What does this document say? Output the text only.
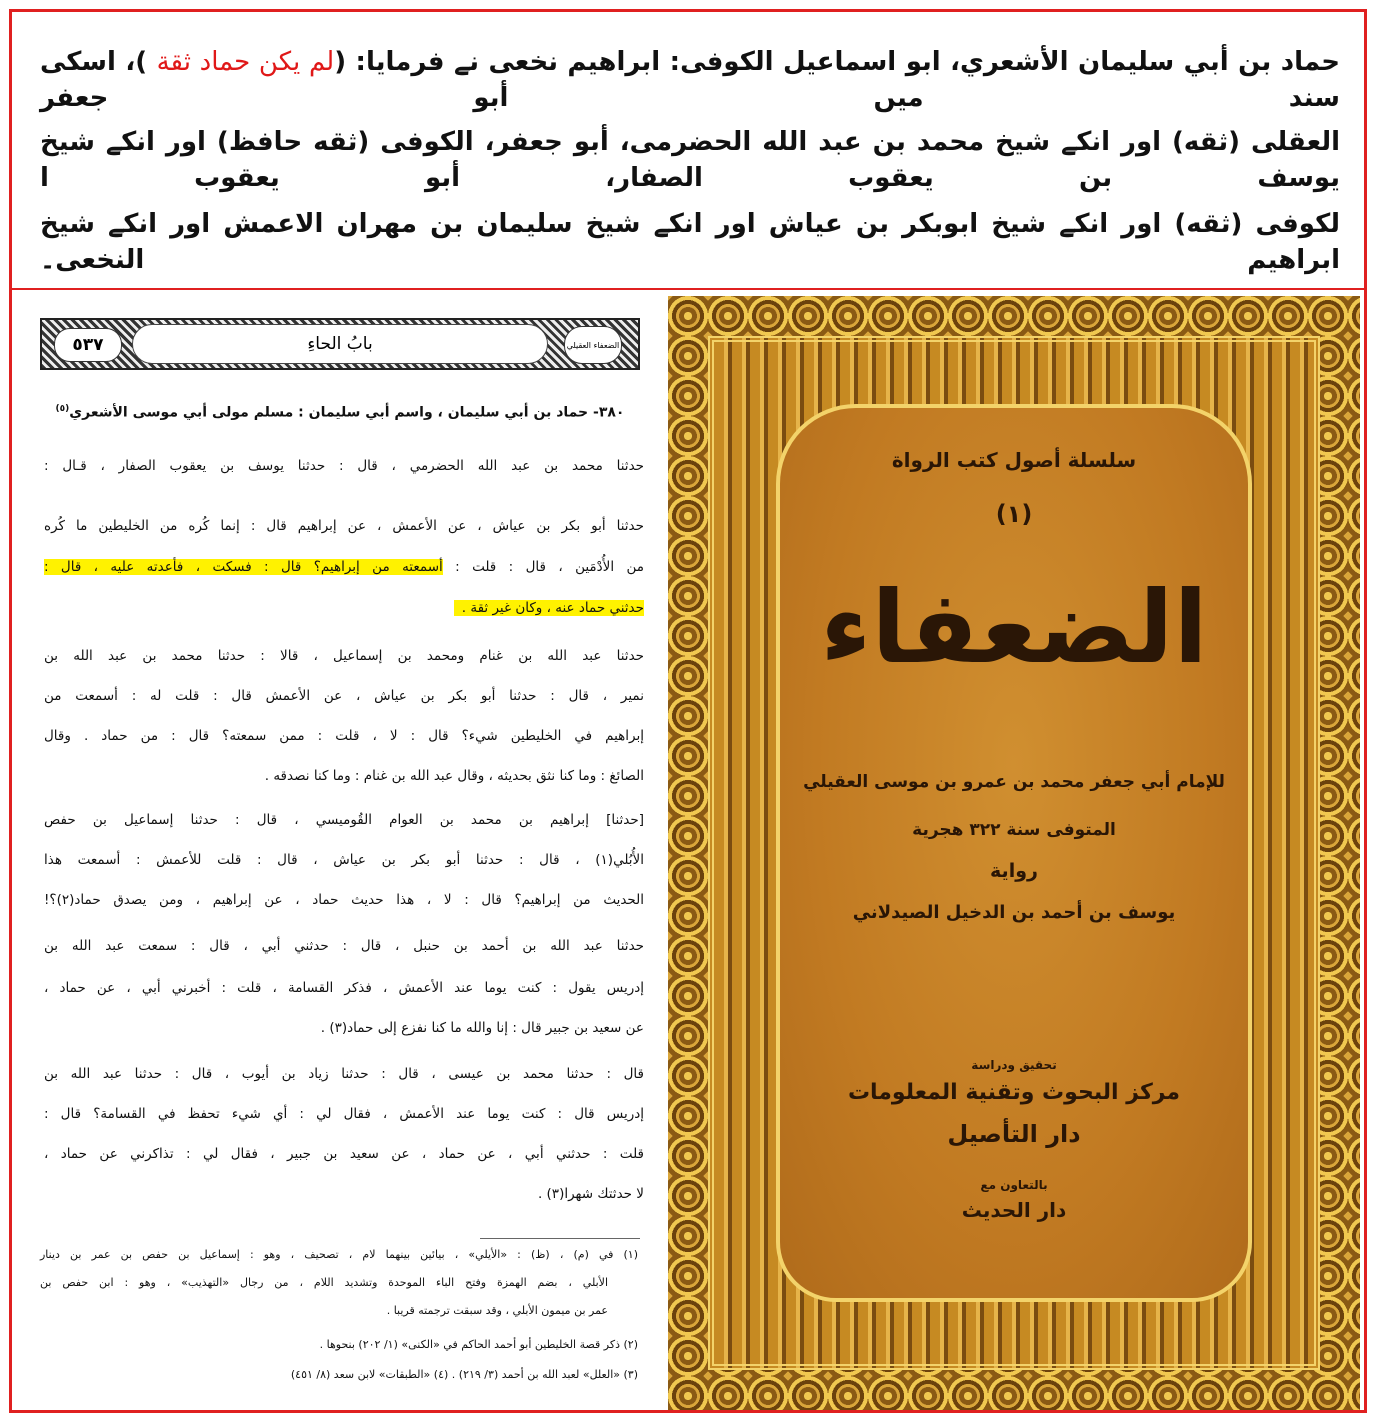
حماد بن أبي سليمان الأشعري، ابو اسماعیل الکوفی: ابراھیم نخعی نے فرمایا: (لم يكن حماد ثقة )، اسکی سند میں أبو جعفر
العقلی (ثقه) اور انکے شیخ محمد بن عبد الله الحضرمی، أبو جعفر، الکوفی (ثقه حافظ) اور انکے شیخ یوسف بن یعقوب الصفار، أبو یعقوب ا
لکوفی (ثقه) اور انکے شیخ ابوبکر بن عیاش اور انکے شیخ سلیمان بن مهران الاعمش اور انکے شیخ ابراھیم النخعی۔
٥٣٧	بابُ الحاءِ	الضعفاء العقيلي
٣٨٠- حماد بن أبي سليمان ، واسم أبي سليمان : مسلم مولى أبي موسى الأشعري$^{(٥)}$
حدثنا محمد بن عبد الله الحضرمي ، قال : حدثنا يوسف بن يعقوب الصفار ، قـال :
حدثنا أبو بكر بن عياش ، عن الأعمش ، عن إبراهيم قال : إنما كُره من الخليطين ما كُره
من الأُدْمَين ، قال : قلت : أسمعته من إبراهيم؟ قال : فسكت ، فأعدته عليه ، قال :
حدثني حماد عنه ، وكان غير ثقة .
حدثنا عبد الله بن غنام ومحمد بن إسماعيل ، قالا : حدثنا محمد بن عبد الله بن
نمير ، قال : حدثنا أبو بكر بن عياش ، عن الأعمش قال : قلت له : أسمعت من
إبراهيم في الخليطين شيء؟ قال : لا ، قلت : ممن سمعته؟ قال : من حماد . وقال
الصائغ : وما كنا نثق بحديثه ، وقال عبد الله بن غنام : وما كنا نصدقه .
[حدثنا] إبراهيم بن محمد بن العوام القُوميسي ، قال : حدثنا إسماعيل بن حفص
الأُبُلي(١) ، قال : حدثنا أبو بكر بن عياش ، قال : قلت للأعمش : أسمعت هذا
الحديث من إبراهيم؟ قال : لا ، هذا حديث حماد ، عن إبراهيم ، ومن يصدق حماد(٢)؟!
حدثنا عبد الله بن أحمد بن حنبل ، قال : حدثني أبي ، قال : سمعت عبد الله بن
إدريس يقول : كنت يوما عند الأعمش ، فذكر القسامة ، قلت : أخبرني أبي ، عن حماد ،
عن سعيد بن جبير قال : إنا والله ما كنا نفزع إلى حماد(٣) .
قال : حدثنا محمد بن عيسى ، قال : حدثنا زياد بن أيوب ، قال : حدثنا عبد الله بن
إدريس قال : كنت يوما عند الأعمش ، فقال لي : أي شيء تحفظ في القسامة؟ قال :
قلت : حدثني أبي ، عن حماد ، عن سعيد بن جبير ، فقال لي : تذاكرني عن حماد ،
لا حدثتك شهرا(٣) .
(١) في (م) ، (ظ) : «الأيلي» ، بيائين بينهما لام ، تصحيف ، وهو : إسماعيل بن حفص بن عمر بن دينار
الأبلي ، بضم الهمزة وفتح الباء الموحدة وتشديد اللام ، من رجال «التهذيب» ، وهو : ابن حفص بن
عمر بن ميمون الأبلي ، وقد سبقت ترجمته قريبا .
(٢) ذكر قصة الخليطين أبو أحمد الحاكم في «الكنى» (١/ ٢٠٢) بنحوها .
(٣) «العلل» لعبد الله بن أحمد (٣/ ٢١٩) . (٤) «الطبقات» لابن سعد (٨/ ٤٥١)
سلسلة أصول كتب الرواة
(١)
الضعفاء
للإمام أبي جعفر محمد بن عمرو بن موسى العقيلي
المتوفى سنة ٣٢٢ هجرية
رواية
يوسف بن أحمد بن الدخيل الصيدلاني
تحقيق ودراسة
مركز البحوث وتقنية المعلومات
دار التأصيل
بالتعاون مع
دار الحديث
